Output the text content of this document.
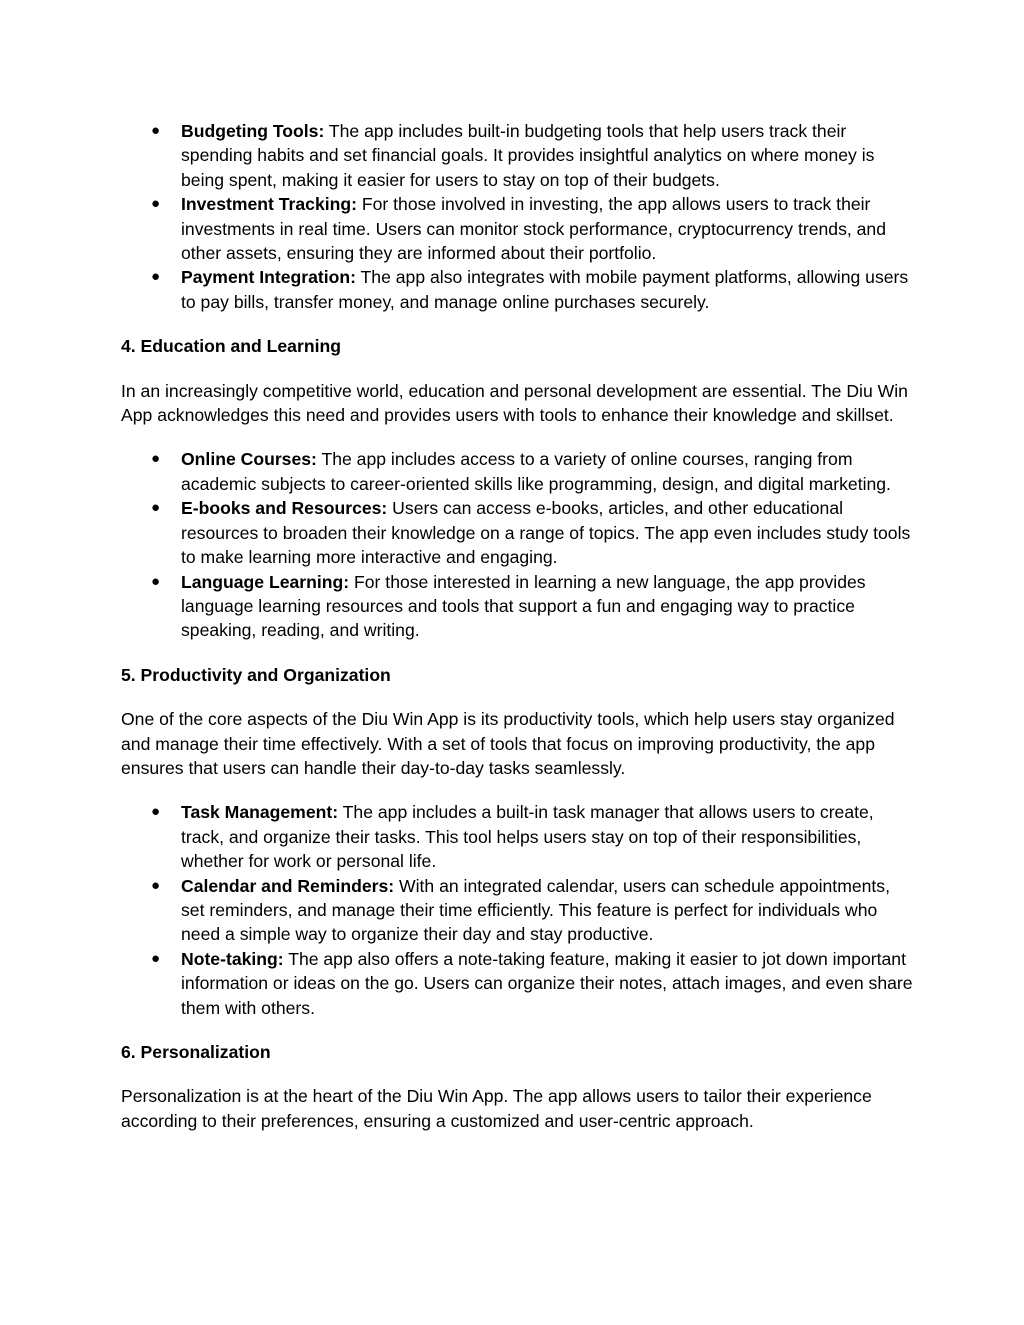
● Budgeting Tools: The app includes built-in budgeting tools that help users track their spending habits and set financial goals. It provides insightful analytics on where money is being spent, making it easier for users to stay on top of their budgets.
● Investment Tracking: For those involved in investing, the app allows users to track their investments in real time. Users can monitor stock performance, cryptocurrency trends, and other assets, ensuring they are informed about their portfolio.
● Payment Integration: The app also integrates with mobile payment platforms, allowing users to pay bills, transfer money, and manage online purchases securely.
4. Education and Learning

In an increasingly competitive world, education and personal development are essential. The Diu Win App acknowledges this need and provides users with tools to enhance their knowledge and skillset.

● Online Courses: The app includes access to a variety of online courses, ranging from academic subjects to career-oriented skills like programming, design, and digital marketing.
● E-books and Resources: Users can access e-books, articles, and other educational resources to broaden their knowledge on a range of topics. The app even includes study tools to make learning more interactive and engaging.
● Language Learning: For those interested in learning a new language, the app provides language learning resources and tools that support a fun and engaging way to practice speaking, reading, and writing.
5. Productivity and Organization

One of the core aspects of the Diu Win App is its productivity tools, which help users stay organized and manage their time effectively. With a set of tools that focus on improving productivity, the app ensures that users can handle their day-to-day tasks seamlessly.

● Task Management: The app includes a built-in task manager that allows users to create, track, and organize their tasks. This tool helps users stay on top of their responsibilities, whether for work or personal life.
● Calendar and Reminders: With an integrated calendar, users can schedule appointments, set reminders, and manage their time efficiently. This feature is perfect for individuals who need a simple way to organize their day and stay productive.
● Note-taking: The app also offers a note-taking feature, making it easier to jot down important information or ideas on the go. Users can organize their notes, attach images, and even share them with others.
6. Personalization

Personalization is at the heart of the Diu Win App. The app allows users to tailor their experience according to their preferences, ensuring a customized and user-centric approach.
